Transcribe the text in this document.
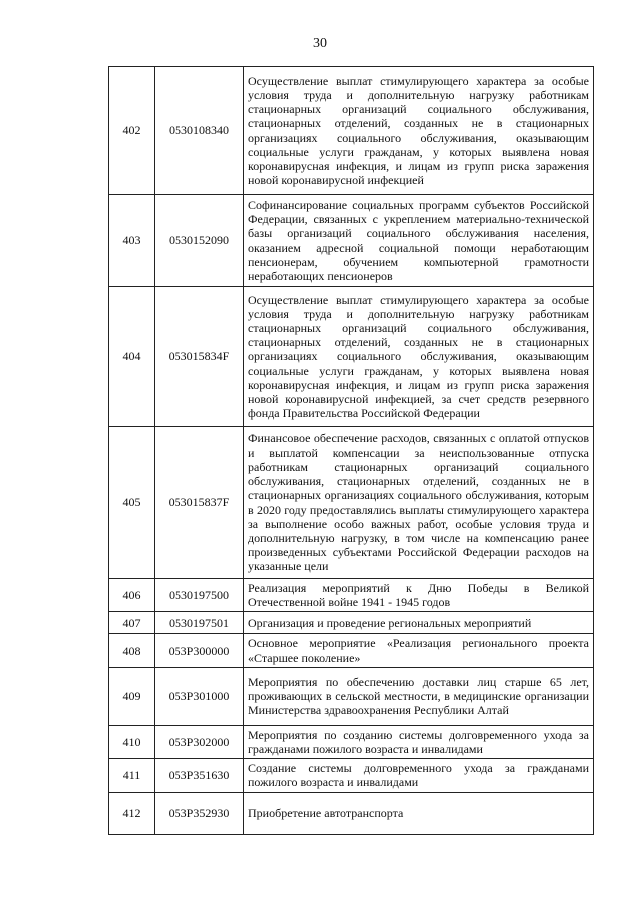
30
402	0530108340	Осуществление выплат стимулирующего характера за особые условия труда и дополнительную нагрузку работникам стационарных организаций социального обслуживания, стационарных отделений, созданных не в стационарных организациях социального обслуживания, оказывающим социальные услуги гражданам, у которых выявлена новая коронавирусная инфекция, и лицам из групп риска заражения новой коронавирусной инфекцией
403	0530152090	Софинансирование социальных программ субъектов Российской Федерации, связанных с укреплением материально-технической базы организаций социального обслуживания населения, оказанием адресной социальной помощи неработающим пенсионерам, обучением компьютерной грамотности неработающих пенсионеров
404	053015834F	Осуществление выплат стимулирующего характера за особые условия труда и дополнительную нагрузку работникам стационарных организаций социального обслуживания, стационарных отделений, созданных не в стационарных организациях социального обслуживания, оказывающим социальные услуги гражданам, у которых выявлена новая коронавирусная инфекция, и лицам из групп риска заражения новой коронавирусной инфекцией, за счет средств резервного фонда Правительства Российской Федерации
405	053015837F	Финансовое обеспечение расходов, связанных с оплатой отпусков и выплатой компенсации за неиспользованные отпуска работникам стационарных организаций социального обслуживания, стационарных отделений, созданных не в стационарных организациях социального обслуживания, которым в 2020 году предоставлялись выплаты стимулирующего характера за выполнение особо важных работ, особые условия труда и дополнительную нагрузку, в том числе на компенсацию ранее произведенных субъектами Российской Федерации расходов на указанные цели
406	0530197500	Реализация мероприятий к Дню Победы в Великой Отечественной войне 1941 - 1945 годов
407	0530197501	Организация и проведение региональных мероприятий
408	053P300000	Основное мероприятие «Реализация регионального проекта «Старшее поколение»
409	053P301000	Мероприятия по обеспечению доставки лиц старше 65 лет, проживающих в сельской местности, в медицинские организации Министерства здравоохранения Республики Алтай
410	053P302000	Мероприятия по созданию системы долговременного ухода за гражданами пожилого возраста и инвалидами
411	053P351630	Создание системы долговременного ухода за гражданами пожилого возраста и инвалидами
412	053P352930	Приобретение автотранспорта
